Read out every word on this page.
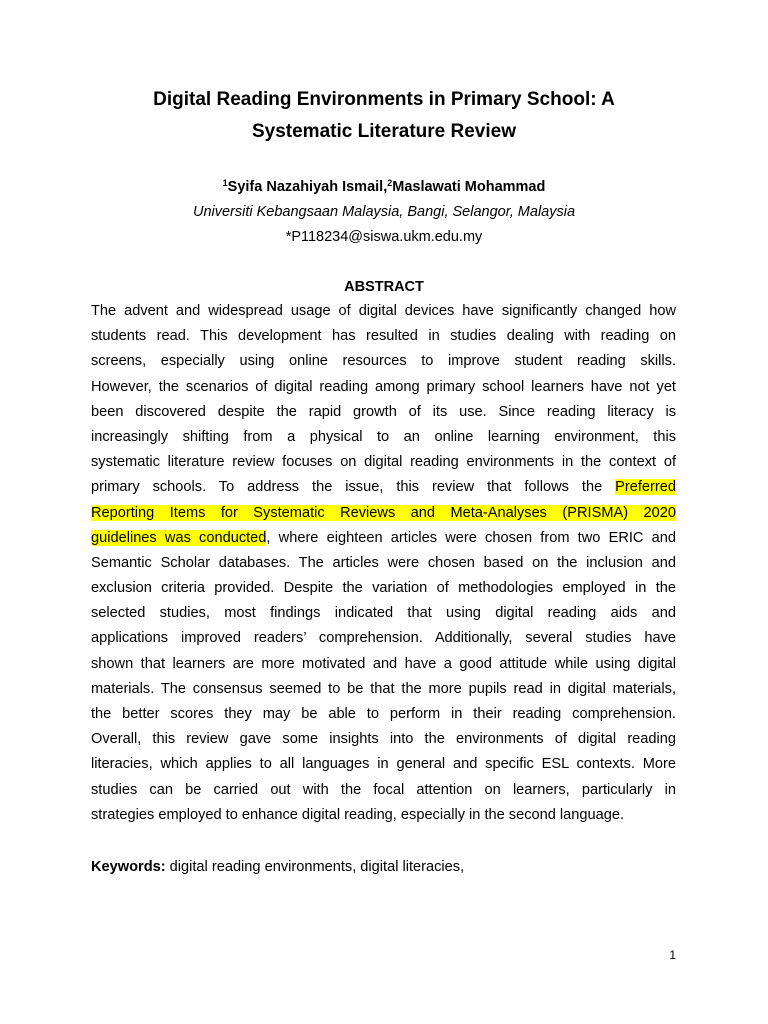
Digital Reading Environments in Primary School: A
Systematic Literature Review

$^1$Syifa Nazahiyah Ismail,$^2$Maslawati Mohammad

Universiti Kebangsaan Malaysia, Bangi, Selangor, Malaysia

*P118234@siswa.ukm.edu.my

ABSTRACT
The advent and widespread usage of digital devices have significantly changed how
students read. This development has resulted in studies dealing with reading on
screens, especially using online resources to improve student reading skills.
However, the scenarios of digital reading among primary school learners have not yet
been discovered despite the rapid growth of its use. Since reading literacy is
increasingly shifting from a physical to an online learning environment, this
systematic literature review focuses on digital reading environments in the context of
primary schools. To address the issue, this review that follows the Preferred
Reporting Items for Systematic Reviews and Meta-Analyses (PRISMA) 2020
guidelines was conducted, where eighteen articles were chosen from two ERIC and
Semantic Scholar databases. The articles were chosen based on the inclusion and
exclusion criteria provided. Despite the variation of methodologies employed in the
selected studies, most findings indicated that using digital reading aids and
applications improved readers’ comprehension. Additionally, several studies have
shown that learners are more motivated and have a good attitude while using digital
materials. The consensus seemed to be that the more pupils read in digital materials,
the better scores they may be able to perform in their reading comprehension.
Overall, this review gave some insights into the environments of digital reading
literacies, which applies to all languages in general and specific ESL contexts. More
studies can be carried out with the focal attention on learners, particularly in
strategies employed to enhance digital reading, especially in the second language.

Keywords: digital reading environments, digital literacies,

1
